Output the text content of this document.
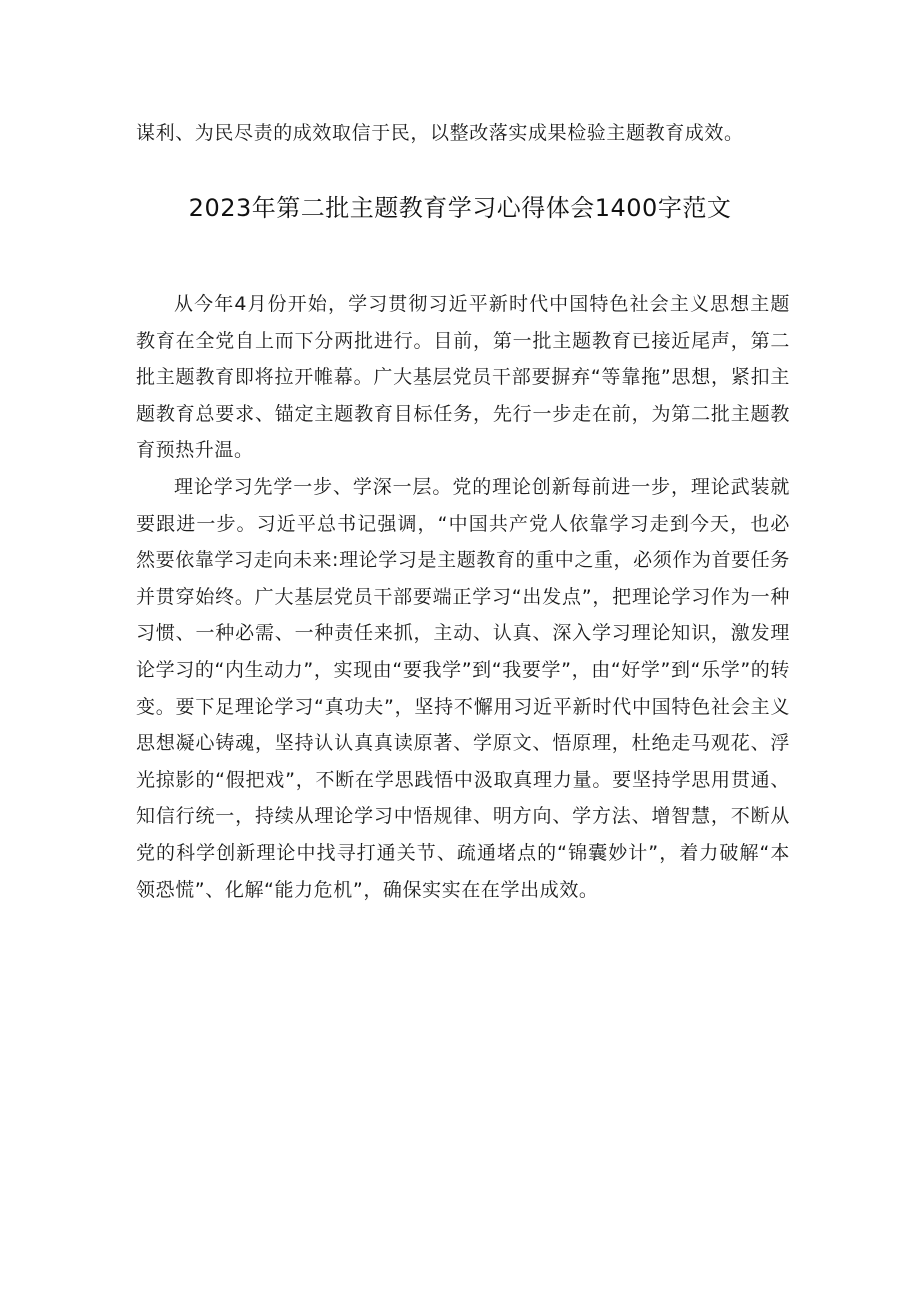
谋利、为民尽责的成效取信于民，以整改落实成果检验主题教育成效。
2023年第二批主题教育学习心得体会1400字范文

从今年4月份开始，学习贯彻习近平新时代中国特色社会主义思想主题教育在全党自上而下分两批进行。目前，第一批主题教育已接近尾声，第二批主题教育即将拉开帷幕。广大基层党员干部要摒弃“等靠拖”思想，紧扣主题教育总要求、锚定主题教育目标任务，先行一步走在前，为第二批主题教育预热升温。

理论学习先学一步、学深一层。党的理论创新每前进一步，理论武装就要跟进一步。习近平总书记强调，“中国共产党人依靠学习走到今天，也必然要依靠学习走向未来:理论学习是主题教育的重中之重，必须作为首要任务并贯穿始终。广大基层党员干部要端正学习“出发点”，把理论学习作为一种习惯、一种必需、一种责任来抓，主动、认真、深入学习理论知识，激发理论学习的“内生动力”，实现由“要我学”到“我要学”，由“好学”到“乐学”的转变。要下足理论学习“真功夫”，坚持不懈用习近平新时代中国特色社会主义思想凝心铸魂，坚持认认真真读原著、学原文、悟原理，杜绝走马观花、浮光掠影的“假把戏”，不断在学思践悟中汲取真理力量。要坚持学思用贯通、知信行统一，持续从理论学习中悟规律、明方向、学方法、增智慧，不断从党的科学创新理论中找寻打通关节、疏通堵点的“锦囊妙计”，着力破解“本领恐慌”、化解“能力危机”，确保实实在在学出成效。
